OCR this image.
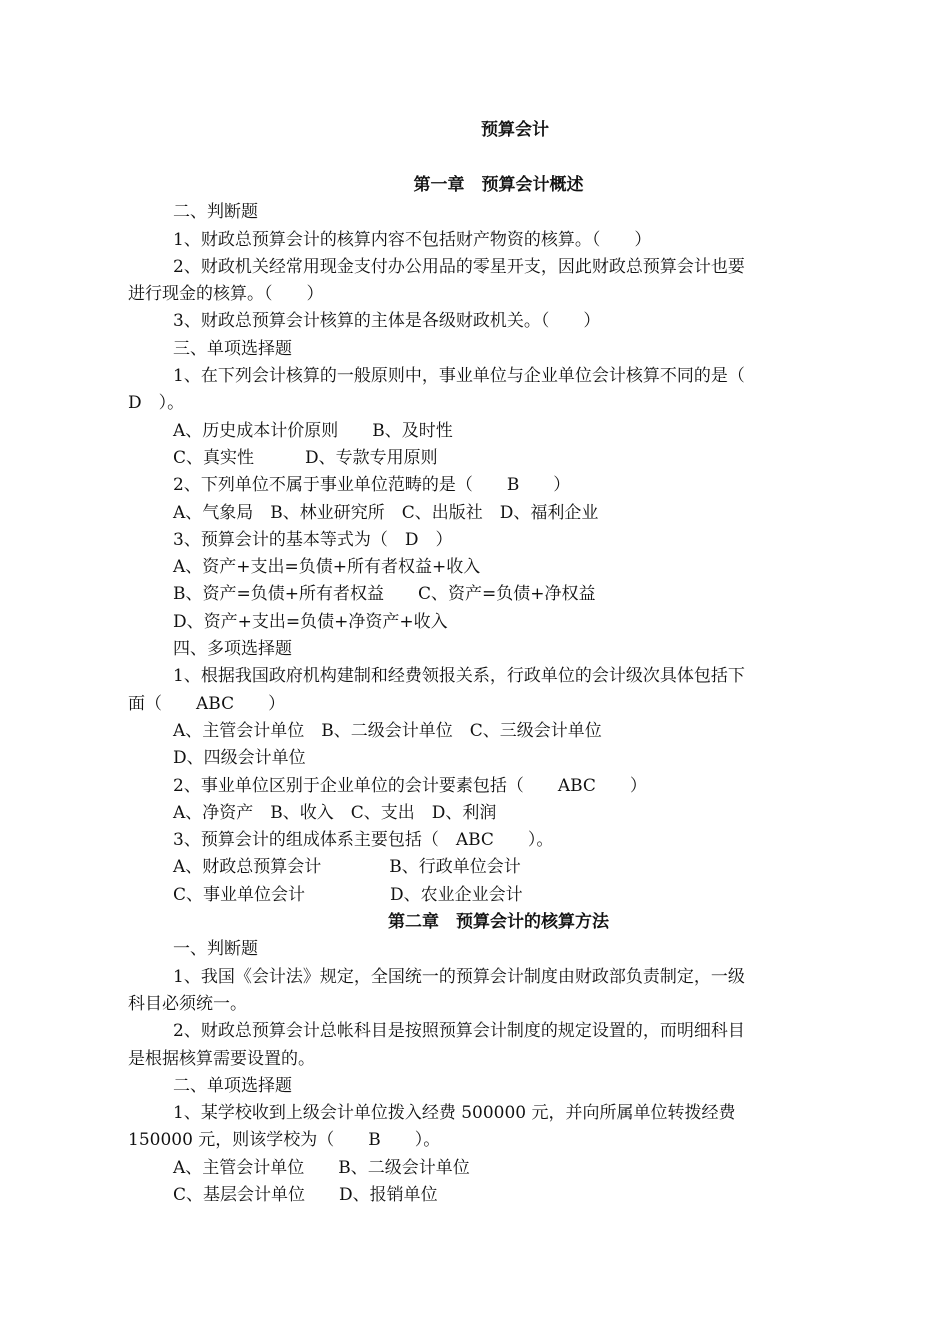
预算会计

第一章　预算会计概述

二、判断题

1、财政总预算会计的核算内容不包括财产物资的核算。（　　）

2、财政机关经常用现金支付办公用品的零星开支，因此财政总预算会计也要

进行现金的核算。（　　）

3、财政总预算会计核算的主体是各级财政机关。（　　）

三、单项选择题

1、在下列会计核算的一般原则中，事业单位与企业单位会计核算不同的是（

D　）。

A、历史成本计价原则　　B、及时性

C、真实性　　　D、专款专用原则

2、下列单位不属于事业单位范畴的是（　　B　　）

A、气象局　B、林业研究所　C、出版社　D、福利企业

3、预算会计的基本等式为（　D　）

A、资产+支出=负债+所有者权益+收入

B、资产=负债+所有者权益　　C、资产=负债+净权益

D、资产+支出=负债+净资产+收入

四、多项选择题

1、根据我国政府机构建制和经费领报关系，行政单位的会计级次具体包括下

面（　　ABC　　）

A、主管会计单位　B、二级会计单位　C、三级会计单位

D、四级会计单位

2、事业单位区别于企业单位的会计要素包括（　　ABC　　）

A、净资产　B、收入　C、支出　D、利润

3、预算会计的组成体系主要包括（　ABC　　）。

A、财政总预算会计　　　　B、行政单位会计

C、事业单位会计　　　　　D、农业企业会计

第二章　预算会计的核算方法

一、判断题

1、我国《会计法》规定，全国统一的预算会计制度由财政部负责制定，一级

科目必须统一。

2、财政总预算会计总帐科目是按照预算会计制度的规定设置的，而明细科目

是根据核算需要设置的。

二、单项选择题

1、某学校收到上级会计单位拨入经费 500000 元，并向所属单位转拨经费

150000 元，则该学校为（　　B　　）。

A、主管会计单位　　B、二级会计单位

C、基层会计单位　　D、报销单位
